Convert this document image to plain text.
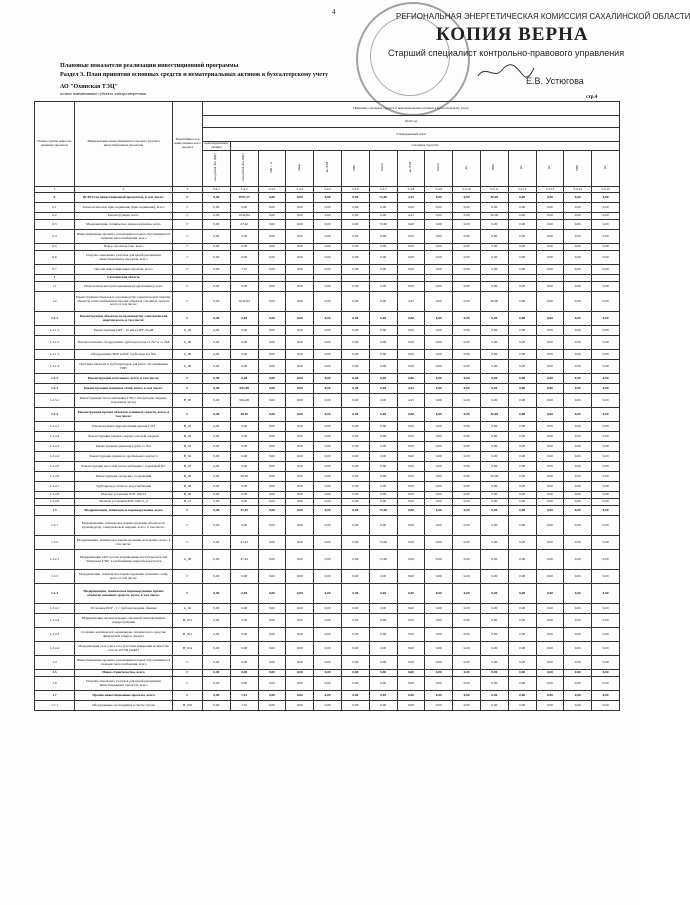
4	РЕГИОНАЛЬНАЯ ЭНЕРГЕТИЧЕСКАЯ КОМИССИЯ САХАЛИНСКОЙ ОБЛАСТИ
КОПИЯ ВЕРНА
Старший специалист контрольно-правового управления
Е.В. Устюгова
Плановые показатели реализации инвестиционной программы
Раздел 3. План принятия основных средств и нематериальных активов к бухгалтерскому учету
АО "Охинская ТЭЦ"
полное наименование субъекта электроэнергетики
стр.4
Номер группы инвести-ционных проектов	Наименование инвестиционного проекта (группы инвестиционных проектов)	Идентифика-тор инвестицион-ного проекта	Принятие основных средств и нематериальных активов к бухгалтерскому учету														
			2020 год														
			Утвержденный план														
			нематериальные активы	основные средства													
			млн рублей (без НДС)	млн рублей (без НДС)	МВ×А	Мвар	км ЛЭП	МВт	Гкал/ч	км ЛЭП	Гкал/ч	км	МВА	шт.	шт.	МВт	шт.
1	2	3	5.4.1	5.4.2	5.4.3	5.4.4	5.4.5	5.4.6	5.4.7	5.4.8	5.4.9	5.4.10	5.4.11	5.4.12	5.4.13	5.4.14	5.4.15
0	ВСЕГО по инвестиционной программе, в том числе:	Г	0,00	1097,27	0,00	0,00	0,00	0,00	72,60	4,25	0,00	0,00	50,00	0,00	0,00	0,00	0,00
0.1	Технологическое присоединение (присоединение), всего	Г	0,00	0,00	0,00	0,00	0,00	0,00	0,00	0,00	0,00	0,00	0,00	0,00	0,00	0,00	0,00
0.2	Реконструкция, всего	Г	0,00	1042,84	0,00	0,00	0,00	0,00	0,00	4,25	0,00	0,00	50,00	0,00	0,00	0,00	0,00
0.3	Модернизация, техническое перевооружение, всего	Г	0,00	47,42	0,00	0,00	0,00	0,00	72,60	0,00	0,00	0,00	0,00	0,00	0,00	0,00	0,00
0.4	Инвестиционные проекты, реализация которых обуславливается схемами теплоснабжения, всего	Г	0,00	0,00	0,00	0,00	0,00	0,00	0,00	0,00	0,00	0,00	0,00	0,00	0,00	0,00	0,00
0.5	Новое строительство, всего	Г	0,00	0,00	0,00	0,00	0,00	0,00	0,00	0,00	0,00	0,00	0,00	0,00	0,00	0,00	0,00
0.6	Покупка земельных участков для целей реализации инвестиционных проектов, всего	Г	0,00	0,00	0,00	0,00	0,00	0,00	0,00	0,00	0,00	0,00	0,00	0,00	0,00	0,00	0,00
0.7	Прочие инвестиционные проекты, всего	Г	0,00	7,01	0,00	0,00	0,00	0,00	0,00	0,00	0,00	0,00	0,00	0,00	0,00	0,00	0,00
1	Сахалинская область																
1.1	Технологическое присоединение (подключение), всего	Г	0,00	0,00	0,00	0,00	0,00	0,00	0,00	0,00	0,00	0,00	0,00	0,00	0,00	0,00	0,00
1.2	Реконструкция объектов по производству электрической энергии, объектов теплоснабжения и прочих объектов основных средств, всего, в том числе:	Г	0,00	1042,84	0,00	0,00	0,00	0,00	0,00	4,25	0,00	0,00	50,00	0,00	0,00	0,00	0,00
1.2.1	Реконструкция объектов по производству электрической энергии всего, в том числе:	Г	0,00	0,00	0,00	0,00	0,00	0,00	0,00	0,00	0,00	0,00	0,00	0,00	0,00	0,00	0,00
1.2.1.1	Реконструкция ОРУ - 10 кВ и ОРУ-35 кВ	G_04	0,00	0,00	0,00	0,00	0,00	0,00	0,00	0,00	0,00	0,00	0,00	0,00	0,00	0,00	0,00
1.2.1.2	Вспомогательное оборудование турбоагрегатов ст. №7 и ст. №8	G_06	0,00	0,00	0,00	0,00	0,00	0,00	0,00	0,00	0,00	0,00	0,00	0,00	0,00	0,00	0,00
1.2.1.3	Оборудование ВХР и РОУ турбоагрегата №6	G_06	0,00	0,00	0,00	0,00	0,00	0,00	0,00	0,00	0,00	0,00	0,00	0,00	0,00	0,00	0,00
1.2.1.4	Поставка запчасти и трубопроводов для работ обслуживания ГЩУ	G_06	0,00	0,00	0,00	0,00	0,00	0,00	0,00	0,00	0,00	0,00	0,00	0,00	0,00	0,00	0,00
1.2.2	Реконструкция котельных, всего, в том числе:	Г	0,00	0,00	0,00	0,00	0,00	0,00	0,00	0,00	0,00	0,00	0,00	0,00	0,00	0,00	0,00
1.2.3	Реконструкция тепловых сетей, всего, в том числе:	Г	0,00	994,48	0,00	0,00	0,00	0,00	0,00	4,25	0,00	0,00	0,00	0,00	0,00	0,00	0,00
1.2.3.1	Реконструкция теплоснабжения ГЭЦ г. Оха (вторая очередь-надземная часть)	H_03	0,00	994,48	0,00	0,00	0,00	0,00	0,00	4,25	0,00	0,00	0,00	0,00	0,00	0,00	0,00
1.2.4	Реконструкция прочих объектов основных средств, всего, в том числе:	Г	0,00	48,36	0,00	0,00	0,00	0,00	0,00	0,00	0,00	0,00	50,00	0,00	0,00	0,00	0,00
1.2.4.1	Реконструкция гидроизоляции кровли ГЭЦ	H_02	0,00	0,00	0,00	0,00	0,00	0,00	0,00	0,00	0,00	0,00	0,00	0,00	0,00	0,00	0,00
1.2.4.2	Реконструкция главного корпуса второй очереди	H_02	0,00	0,00	0,00	0,00	0,00	0,00	0,00	0,00	0,00	0,00	0,00	0,00	0,00	0,00	0,00
1.2.4.3	Реконструкция дымовой трубы ст. №2	H_03	0,00	0,00	0,00	0,00	0,00	0,00	0,00	0,00	0,00	0,00	0,00	0,00	0,00	0,00	0,00
1.2.4.4	Реконструкция здания по дробильного корпуса	H_04	0,00	0,00	0,00	0,00	0,00	0,00	0,00	0,00	0,00	0,00	0,00	0,00	0,00	0,00	0,00
1.2.4.5	Реконструкция насосной теплоснабжения с подкачкой №1	H_05	0,00	0,00	0,00	0,00	0,00	0,00	0,00	0,00	0,00	0,00	0,00	0,00	0,00	0,00	0,00
1.2.4.6	Реконструкция складских сооружений	H_06	0,00	48,36	0,00	0,00	0,00	0,00	0,00	0,00	0,00	0,00	50,00	0,00	0,00	0,00	0,00
1.2.4.7	Трубопровод сетевого водоснабжения	H_08	0,00	0,00	0,00	0,00	0,00	0,00	0,00	0,00	0,00	0,00	0,00	0,00	0,00	0,00	0,00
1.2.4.8	Монтаж установки РОУ 100/13	H_09	0,00	0,00	0,00	0,00	0,00	0,00	0,00	0,00	0,00	0,00	0,00	0,00	0,00	0,00	0,00
1.2.4.9	Монтаж установки РОУ 100/13_2	H_10	0,00	0,00	0,00	0,00	0,00	0,00	0,00	0,00	0,00	0,00	0,00	0,00	0,00	0,00	0,00
1.3	Модернизация, техническое перевооружение, всего	Г	0,00	47,42	0,00	0,00	0,00	0,00	72,60	0,00	0,00	0,00	0,00	0,00	0,00	0,00	0,00
1.3.1	Модернизация, техническое перевооружение объектов по производству электрической энергии, всего, в том числе:	Г	0,00	0,00	0,00	0,00	0,00	0,00	0,00	0,00	0,00	0,00	0,00	0,00	0,00	0,00	0,00
1.3.2	Модернизация, техническое перевооружение котельных, всего, в том числе:	Г	0,00	47,42	0,00	0,00	0,00	0,00	72,60	0,00	0,00	0,00	0,00	0,00	0,00	0,00	0,00
1.3.2.1	Модернизация СКУ котлов и приведение котлоагрегатов АО "Охинская ТЭЦ" в требованиям энергобезопасности	G_08	0,00	47,42	0,00	0,00	0,00	0,00	72,60	0,00	0,00	0,00	0,00	0,00	0,00	0,00	0,00
1.3.3	Модернизация, техническое перевооружение тепловых сетей, всего, в том числе:	Г	0,00	0,00	0,00	0,00	0,00	0,00	0,00	0,00	0,00	0,00	0,00	0,00	0,00	0,00	0,00
1.3.4	Модернизация, техническое перевооружение прочих объектов основных средств, всего, в том числе:	Г	0,00	0,00	0,00	0,00	0,00	0,00	0,00	0,00	0,00	0,00	0,00	0,00	0,00	0,00	0,00
1.3.4.1	Установка РОУ - 1 с трубопроводами обвязки	G_04	0,00	0,00	0,00	0,00	0,00	0,00	0,00	0,00	0,00	0,00	0,00	0,00	0,00	0,00	0,00
1.3.4.2	Модернизация систем пожарно-охранной сигнализации и пожаротушения	H_012	0,00	0,00	0,00	0,00	0,00	0,00	0,00	0,00	0,00	0,00	0,00	0,00	0,00	0,00	0,00
1.3.4.3	Создание комплексного инженерно-технического средства физической защиты объекта	H_013	0,00	0,00	0,00	0,00	0,00	0,00	0,00	0,00	0,00	0,00	0,00	0,00	0,00	0,00	0,00
1.3.4.4	Модернизация узла учета газа (Система измерения количества газа на ОТЭЦ СИКГ)	H_014	0,00	0,00	0,00	0,00	0,00	0,00	0,00	0,00	0,00	0,00	0,00	0,00	0,00	0,00	0,00
1.4	Инвестиционные проекты, реализация которых обуславливается схемами теплоснабжения, всего	Г	0,00	0,00	0,00	0,00	0,00	0,00	0,00	0,00	0,00	0,00	0,00	0,00	0,00	0,00	0,00
1.5	Новое строительство, всего	Г	0,00	0,00	0,00	0,00	0,00	0,00	0,00	0,00	0,00	0,00	0,00	0,00	0,00	0,00	0,00
1.6	Покупка земельных участков для целей реализации инвестиционных проектов, всего	Г	0,00	0,00	0,00	0,00	0,00	0,00	0,00	0,00	0,00	0,00	0,00	0,00	0,00	0,00	0,00
1.7	Прочие инвестиционные проекты, всего	Г	0,00	7,01	0,00	0,00	0,00	0,00	0,00	0,00	0,00	0,00	0,00	0,00	0,00	0,00	0,00
1.7.1	Оборудование, не входящее в сметы строек	H_016	0,00	7,01	0,00	0,00	0,00	0,00	0,00	0,00	0,00	0,00	0,00	0,00	0,00	0,00	0,00
